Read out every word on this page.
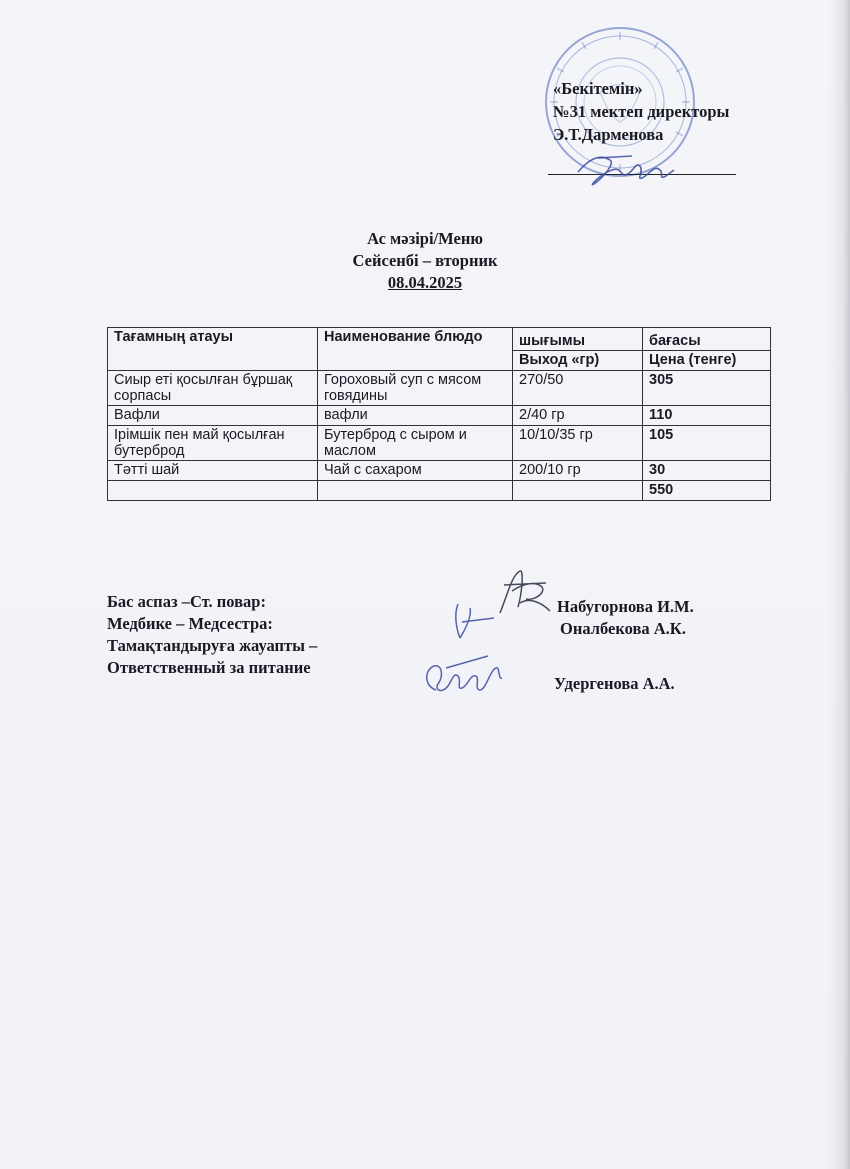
«Бекітемін»
№31 мектеп директоры
Э.Т.Дарменова
Ас мәзірі/Меню
Сейсенбі – вторник
08.04.2025
Тағамның атауы	Наименование блюдо	шығымы	бағасы
		Выход «гр)	Цена (тенге)
Сиыр еті қосылған бұршақ сорпасы	Гороховый суп с мясом говядины	270/50	305
Вафли	вафли	2/40 гр	110
Ірімшік пен май қосылған бутерброд	Бутерброд с сыром и маслом	10/10/35 гр	105
Тәтті шай	Чай с сахаром	200/10 гр	30
			550
Бас аспаз –Ст. повар:
Медбике – Медсестра:
Тамақтандыруға жауапты –
Ответственный за питание
Набугорнова И.М.
Оналбекова А.К.
Удергенова А.А.
